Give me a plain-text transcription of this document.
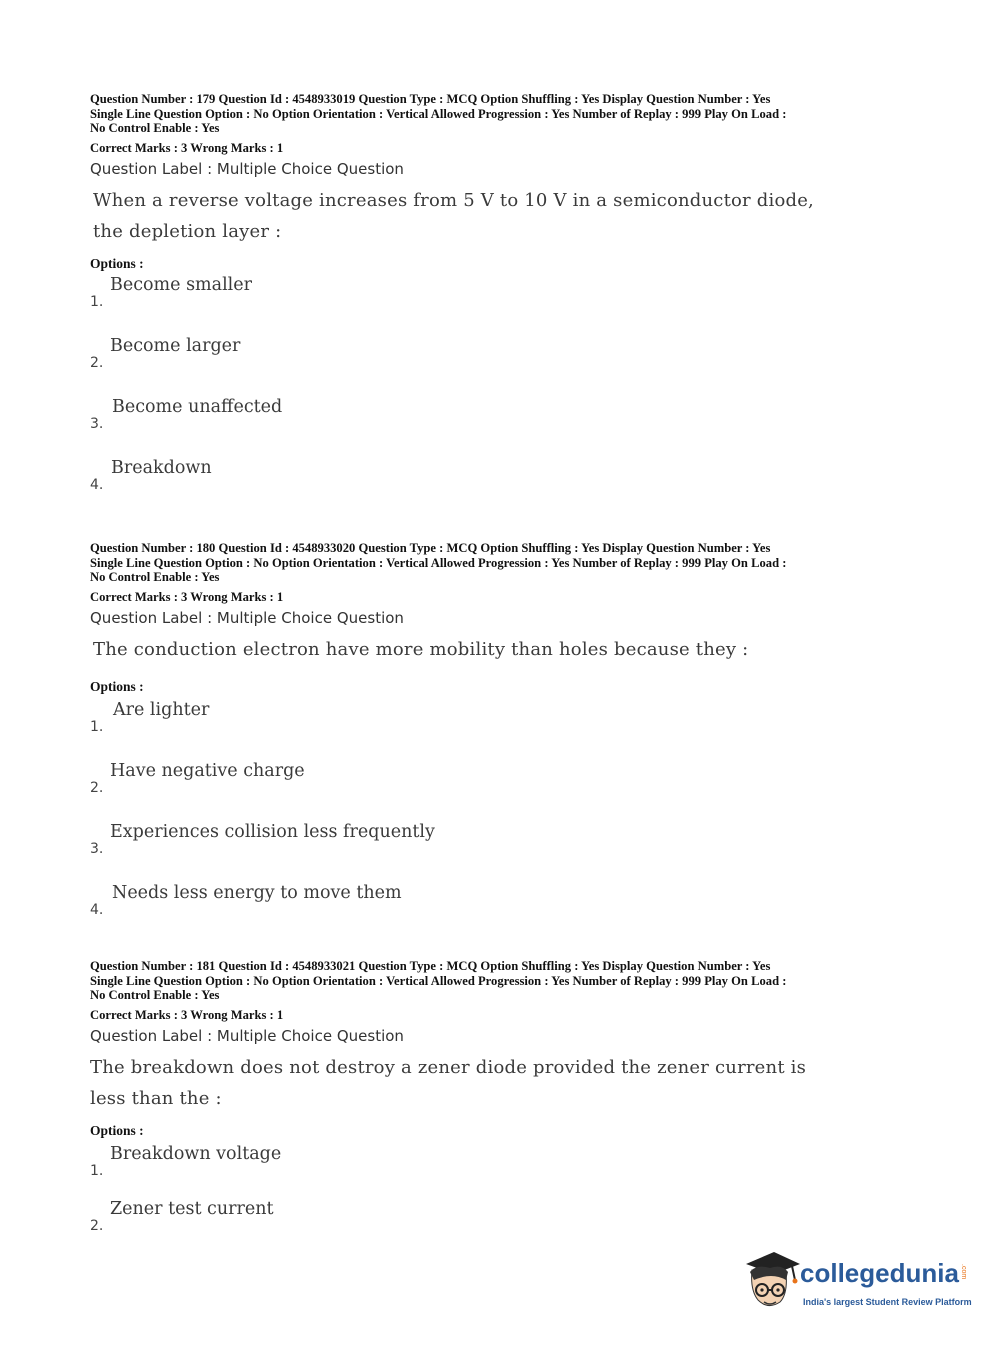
Question Number : 179 Question Id : 4548933019 Question Type : MCQ Option Shuffling : Yes Display Question Number : Yes

Single Line Question Option : No Option Orientation : Vertical Allowed Progression : Yes Number of Replay : 999 Play On Load :

No Control Enable : Yes

Correct Marks : 3 Wrong Marks : 1
Question Label : Multiple Choice Question
When a reverse voltage increases from 5 V to 10 V in a semiconductor diode,
the depletion layer :
Options :
1.
Become smaller
2.
Become larger
3.
Become unaffected
4.
Breakdown

Question Number : 180 Question Id : 4548933020 Question Type : MCQ Option Shuffling : Yes Display Question Number : Yes

Single Line Question Option : No Option Orientation : Vertical Allowed Progression : Yes Number of Replay : 999 Play On Load :

No Control Enable : Yes

Correct Marks : 3 Wrong Marks : 1
Question Label : Multiple Choice Question
The conduction electron have more mobility than holes because they :
Options :
1.
Are lighter
2.
Have negative charge
3.
Experiences collision less frequently
4.
Needs less energy to move them

Question Number : 181 Question Id : 4548933021 Question Type : MCQ Option Shuffling : Yes Display Question Number : Yes

Single Line Question Option : No Option Orientation : Vertical Allowed Progression : Yes Number of Replay : 999 Play On Load :

No Control Enable : Yes

Correct Marks : 3 Wrong Marks : 1
Question Label : Multiple Choice Question
The breakdown does not destroy a zener diode provided the zener current is
less than the :
Options :
1.
Breakdown voltage
2.
Zener test current
collegedunia .com
India's largest Student Review Platform
